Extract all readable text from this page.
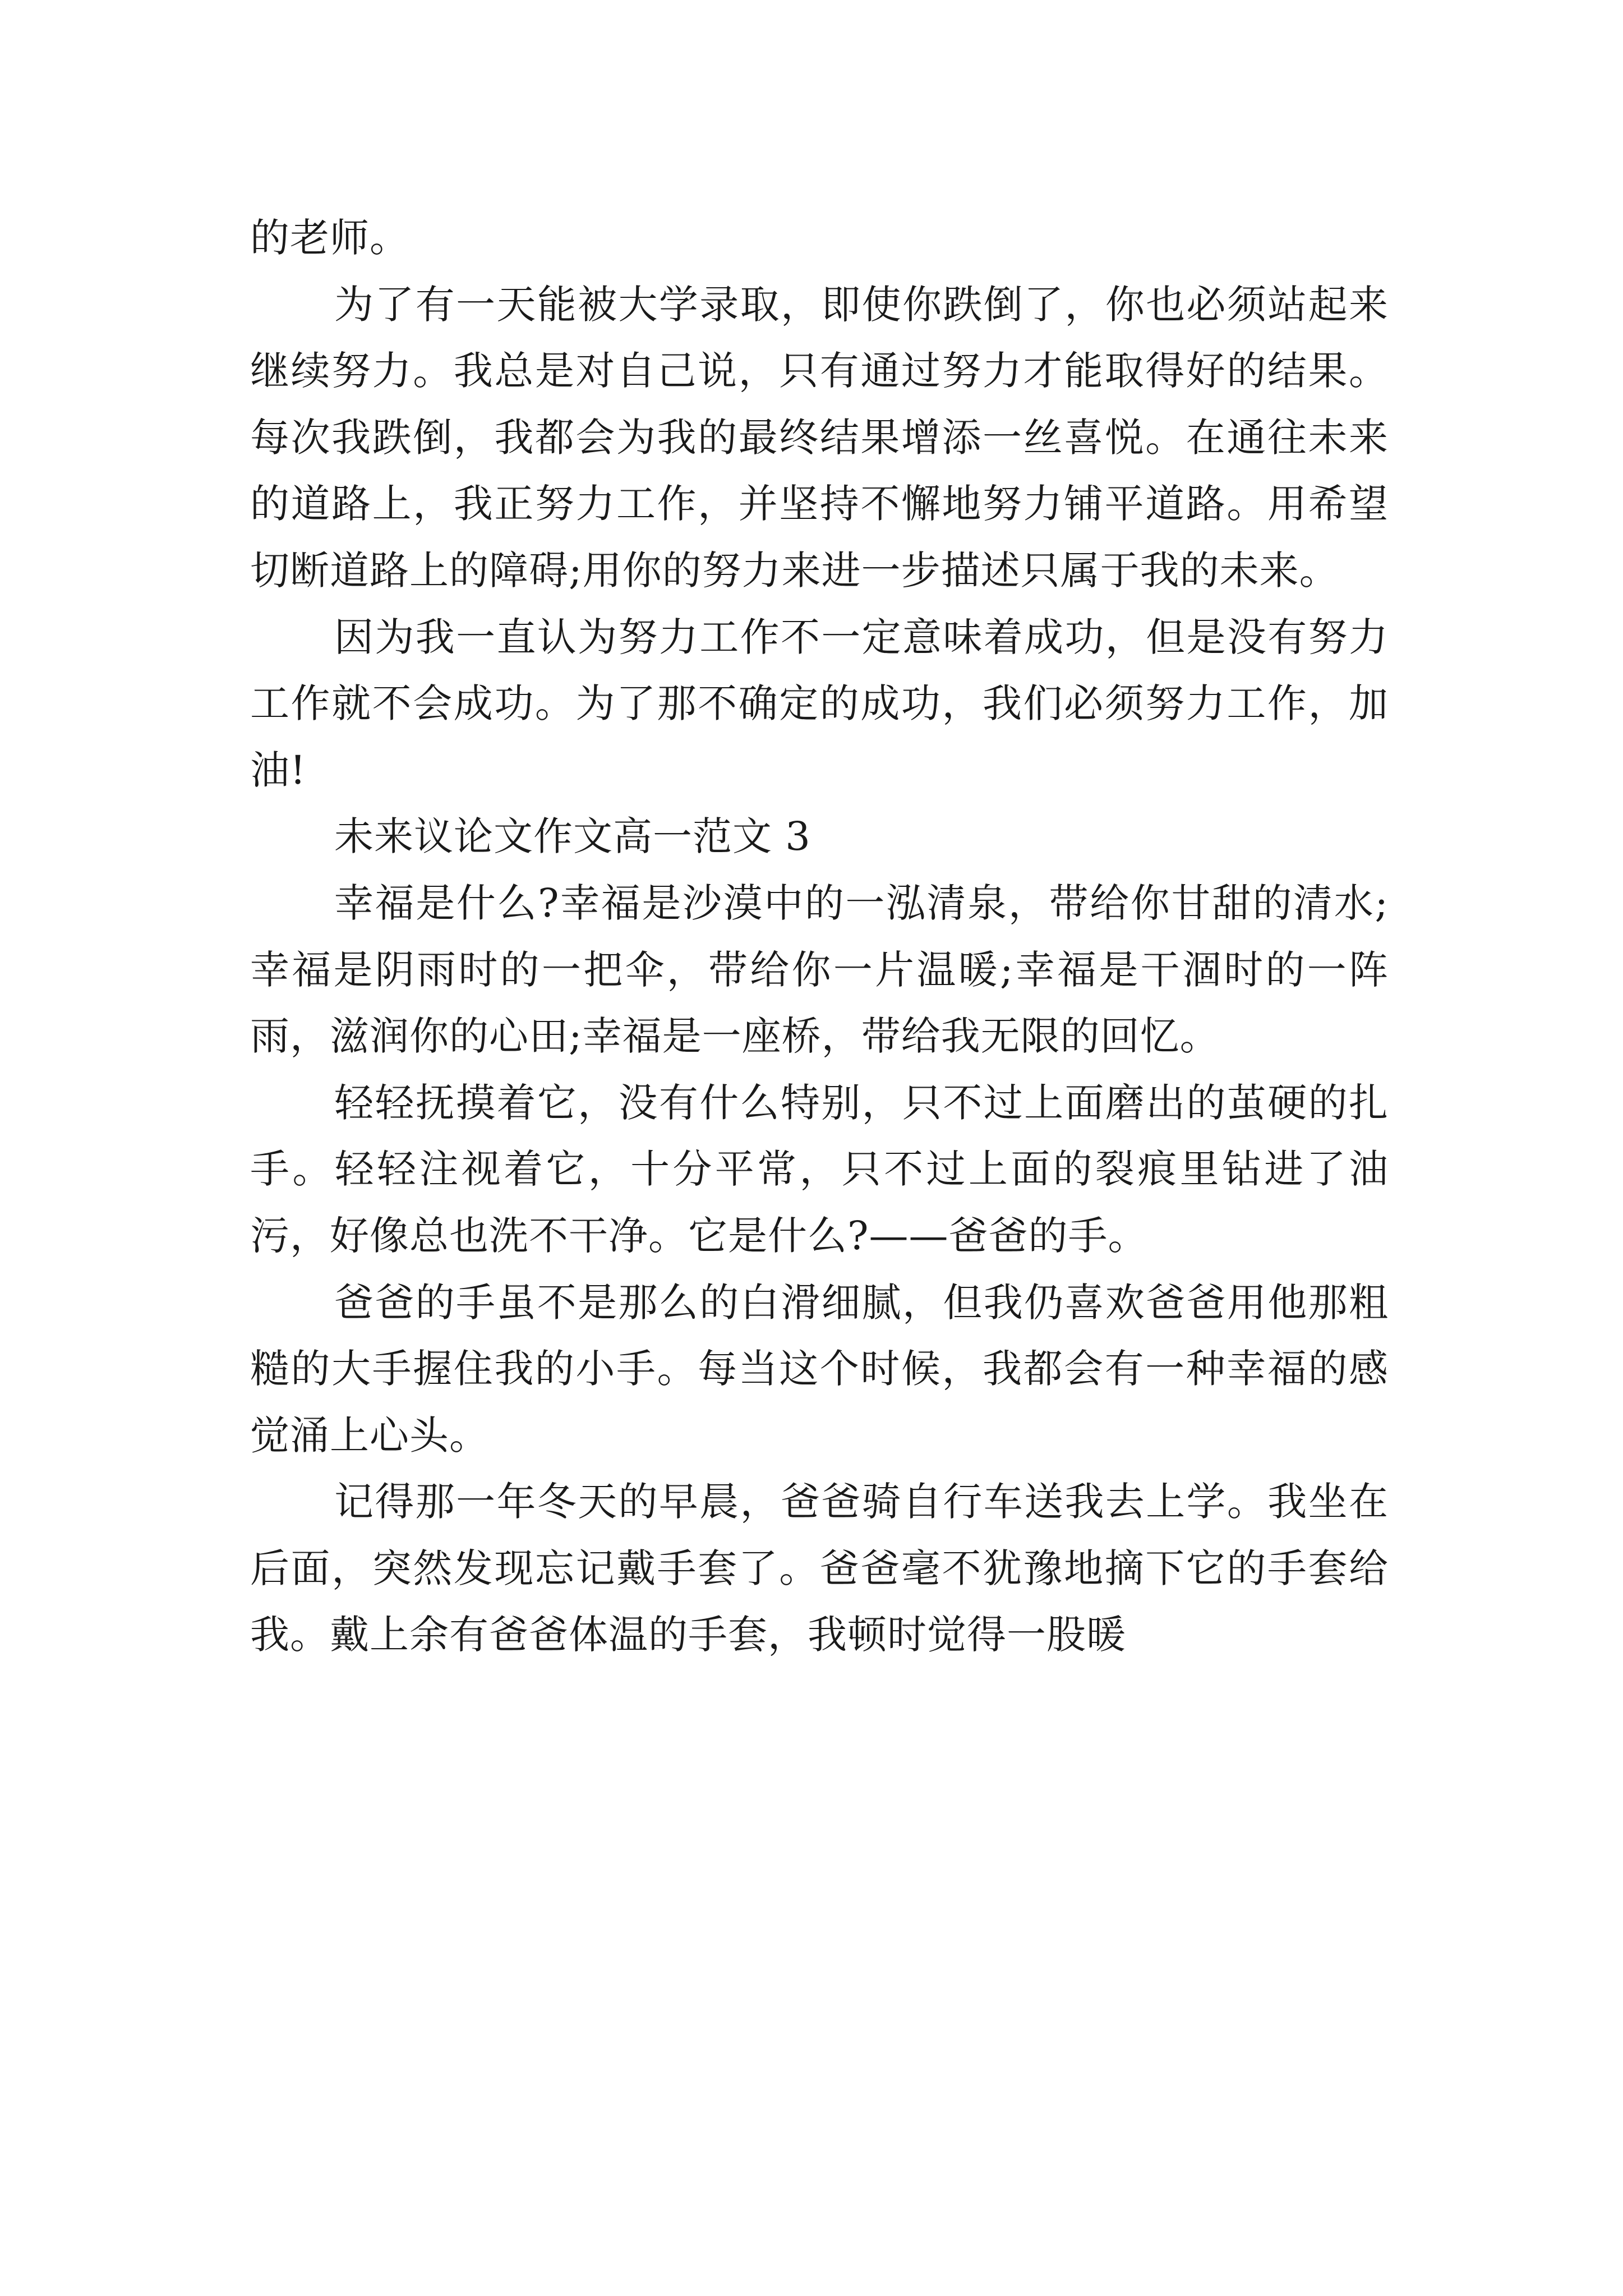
的老师。

为了有一天能被大学录取，即使你跌倒了，你也必须站起来继续努力。我总是对自己说，只有通过努力才能取得好的结果。每次我跌倒，我都会为我的最终结果增添一丝喜悦。在通往未来的道路上，我正努力工作，并坚持不懈地努力铺平道路。用希望切断道路上的障碍;用你的努力来进一步描述只属于我的未来。

因为我一直认为努力工作不一定意味着成功，但是没有努力工作就不会成功。为了那不确定的成功，我们必须努力工作，加油!

未来议论文作文高一范文 3

幸福是什么?幸福是沙漠中的一泓清泉，带给你甘甜的清水;幸福是阴雨时的一把伞，带给你一片温暖;幸福是干涸时的一阵雨，滋润你的心田;幸福是一座桥，带给我无限的回忆。

轻轻抚摸着它，没有什么特别，只不过上面磨出的茧硬的扎手。轻轻注视着它，十分平常，只不过上面的裂痕里钻进了油污，好像总也洗不干净。它是什么?——爸爸的手。

爸爸的手虽不是那么的白滑细腻，但我仍喜欢爸爸用他那粗糙的大手握住我的小手。每当这个时候，我都会有一种幸福的感觉涌上心头。

记得那一年冬天的早晨，爸爸骑自行车送我去上学。我坐在后面，突然发现忘记戴手套了。爸爸毫不犹豫地摘下它的手套给我。戴上余有爸爸体温的手套，我顿时觉得一股暖
